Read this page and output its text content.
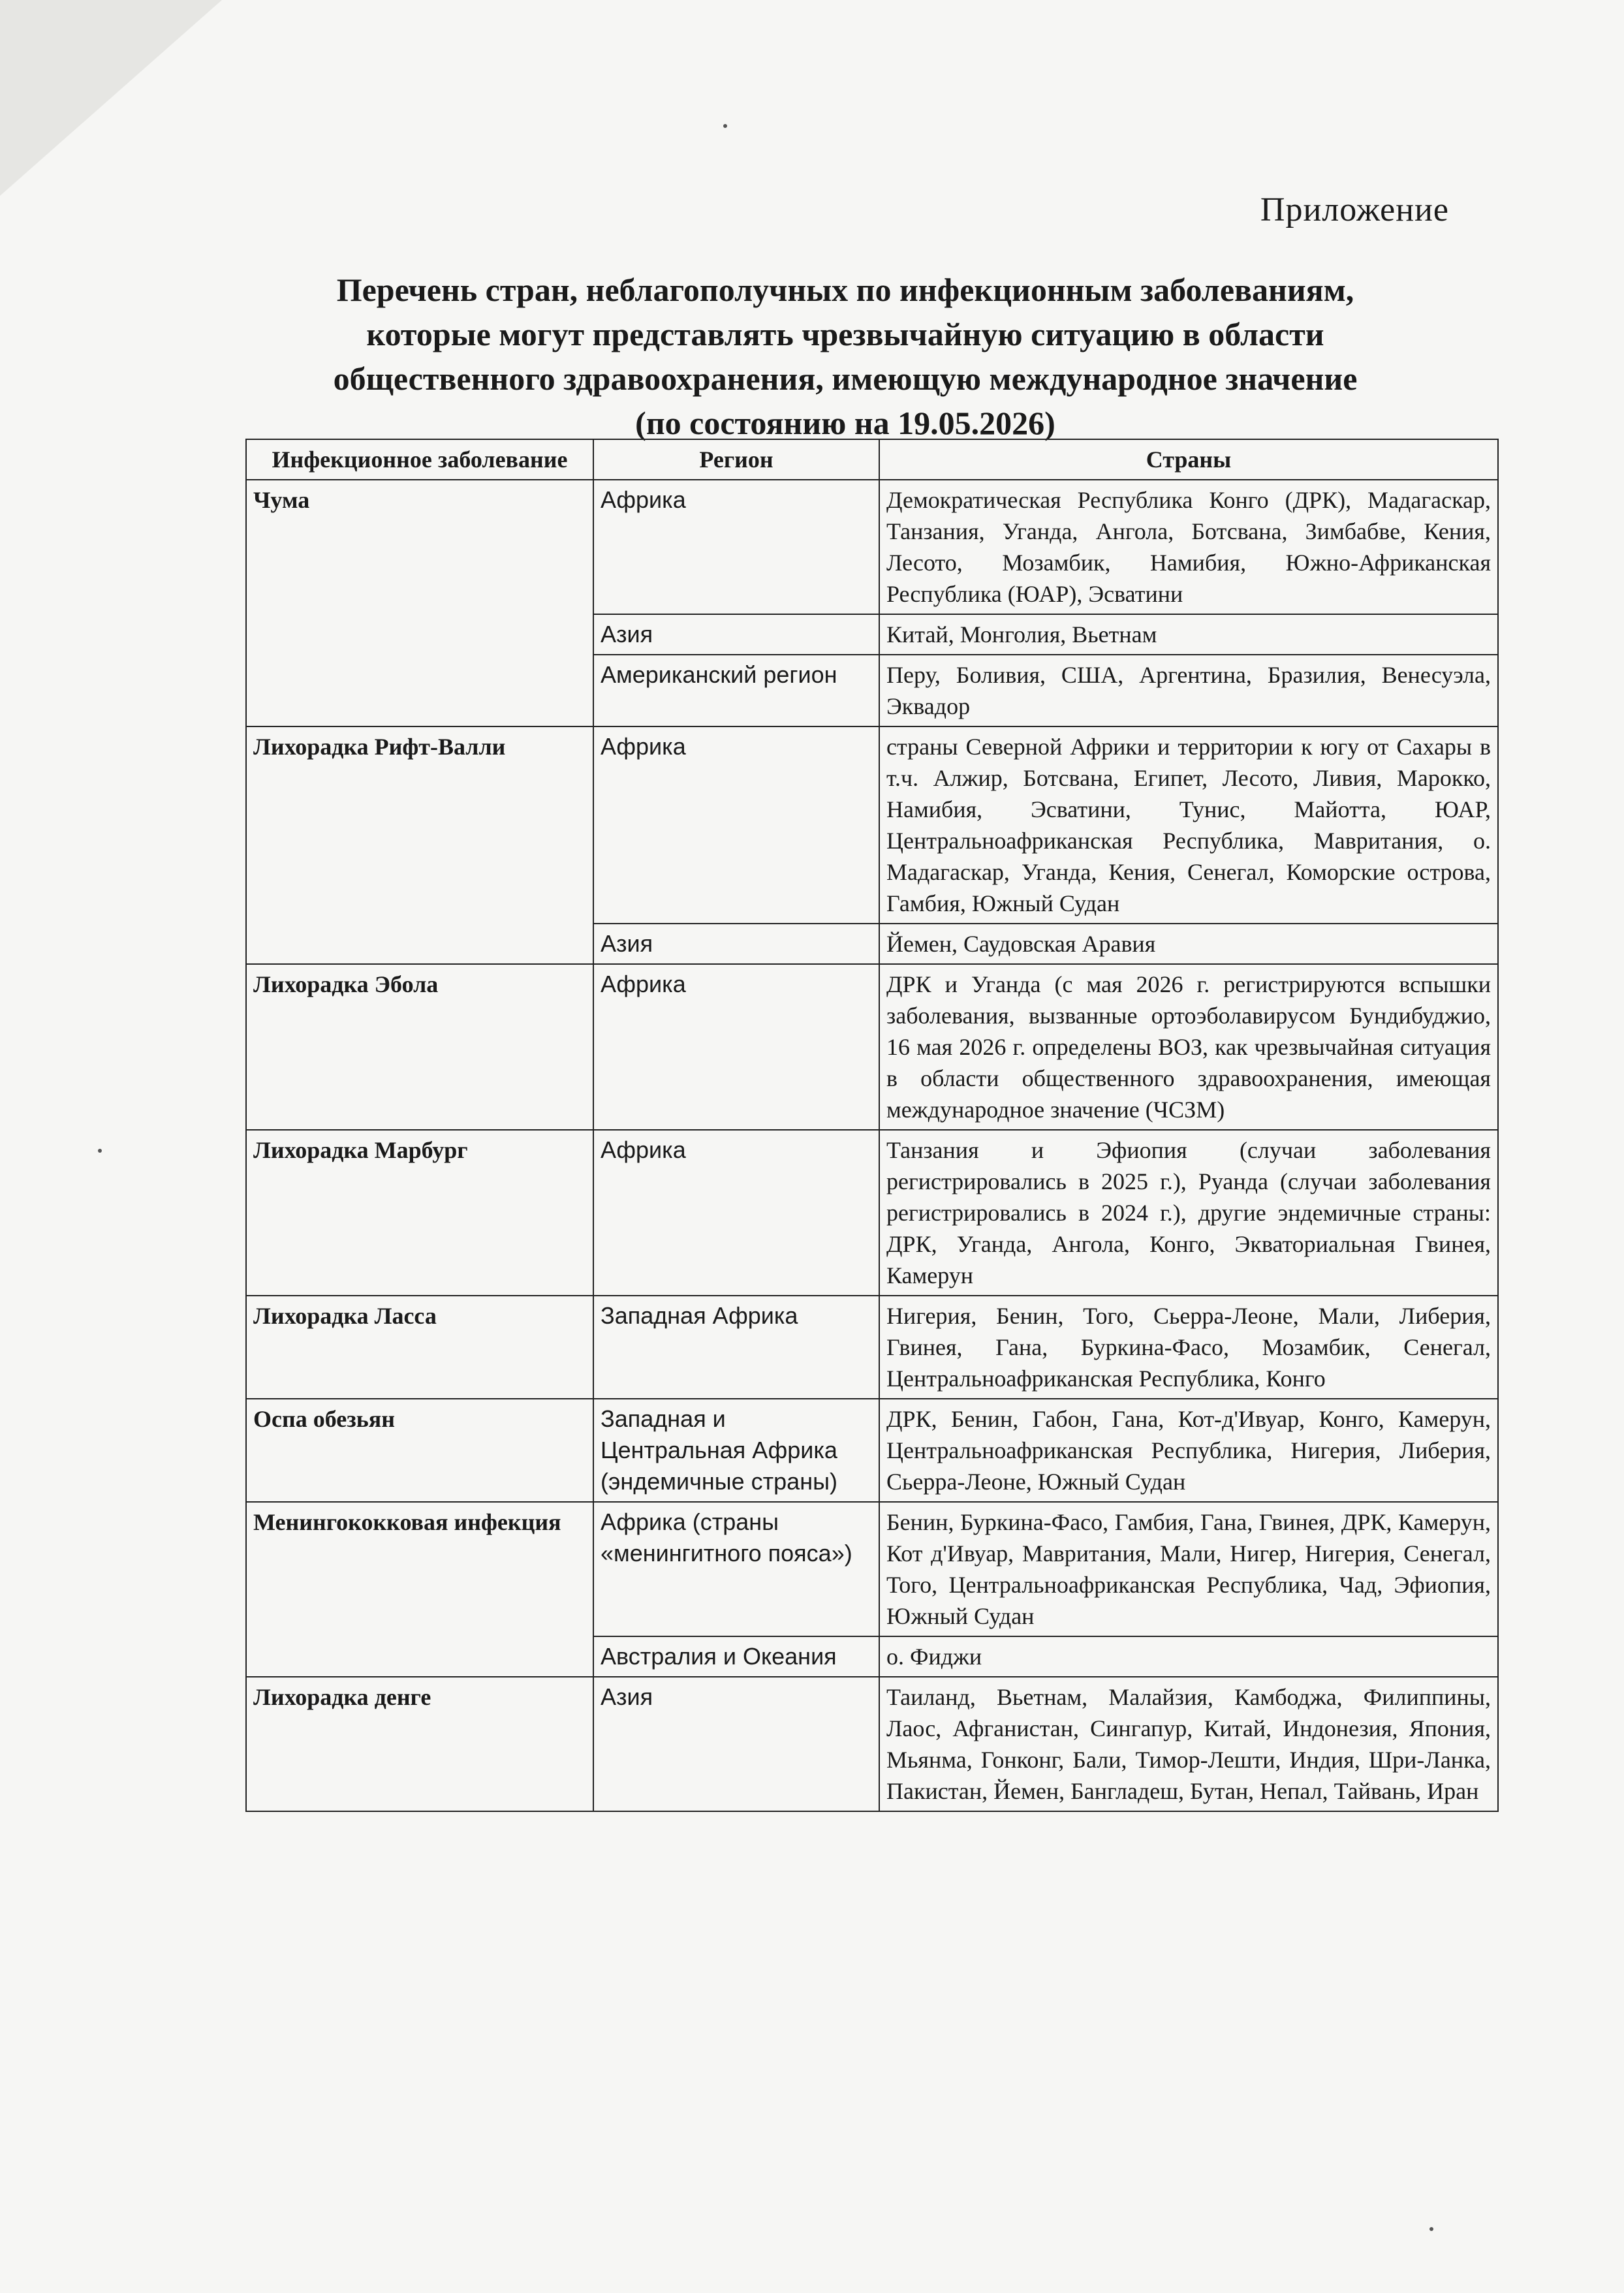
Приложение
Перечень стран, неблагополучных по инфекционным заболеваниям,
которые могут представлять чрезвычайную ситуацию в области
общественного здравоохранения, имеющую международное значение
(по состоянию на 19.05.2026)
Инфекционное заболевание	Регион	Страны
Чума	Африка	Демократическая Республика Конго (ДРК), Мадагаскар, Танзания, Уганда, Ангола, Ботсвана, Зимбабве, Кения, Лесото, Мозамбик, Намибия, Южно-Африканская Республика (ЮАР), Эсватини
	Азия	Китай, Монголия, Вьетнам
	Американский регион	Перу, Боливия, США, Аргентина, Бразилия, Венесуэла, Эквадор
Лихорадка Рифт-Валли	Африка	страны Северной Африки и территории к югу от Сахары в т.ч. Алжир, Ботсвана, Египет, Лесото, Ливия, Марокко, Намибия, Эсватини, Тунис, Майотта, ЮАР, Центральноафриканская Республика, Мавритания, о. Мадагаскар, Уганда, Кения, Сенегал, Коморские острова, Гамбия, Южный Судан
	Азия	Йемен, Саудовская Аравия
Лихорадка Эбола	Африка	ДРК и Уганда (с мая 2026 г. регистрируются вспышки заболевания, вызванные ортоэболавирусом Бундибуджио, 16 мая 2026 г. определены ВОЗ, как чрезвычайная ситуация в области общественного здравоохранения, имеющая международное значение (ЧСЗМ)
Лихорадка Марбург	Африка	Танзания и Эфиопия (случаи заболевания регистрировались в 2025 г.), Руанда (случаи заболевания регистрировались в 2024 г.), другие эндемичные страны: ДРК, Уганда, Ангола, Конго, Экваториальная Гвинея, Камерун
Лихорадка Ласса	Западная Африка	Нигерия, Бенин, Того, Сьерра-Леоне, Мали, Либерия, Гвинея, Гана, Буркина-Фасо, Мозамбик, Сенегал, Центральноафриканская Республика, Конго
Оспа обезьян	Западная и Центральная Африка (эндемичные страны)	ДРК, Бенин, Габон, Гана, Кот-д'Ивуар, Конго, Камерун, Центральноафриканская Республика, Нигерия, Либерия, Сьерра-Леоне, Южный Судан
Менингококковая инфекция	Африка (страны «менингитного пояса»)	Бенин, Буркина-Фасо, Гамбия, Гана, Гвинея, ДРК, Камерун, Кот д'Ивуар, Мавритания, Мали, Нигер, Нигерия, Сенегал, Того, Центральноафриканская Республика, Чад, Эфиопия, Южный Судан
	Австралия и Океания	о. Фиджи
Лихорадка денге	Азия	Таиланд, Вьетнам, Малайзия, Камбоджа, Филиппины, Лаос, Афганистан, Сингапур, Китай, Индонезия, Япония, Мьянма, Гонконг, Бали, Тимор-Лешти, Индия, Шри-Ланка, Пакистан, Йемен, Бангладеш, Бутан, Непал, Тайвань, Иран
